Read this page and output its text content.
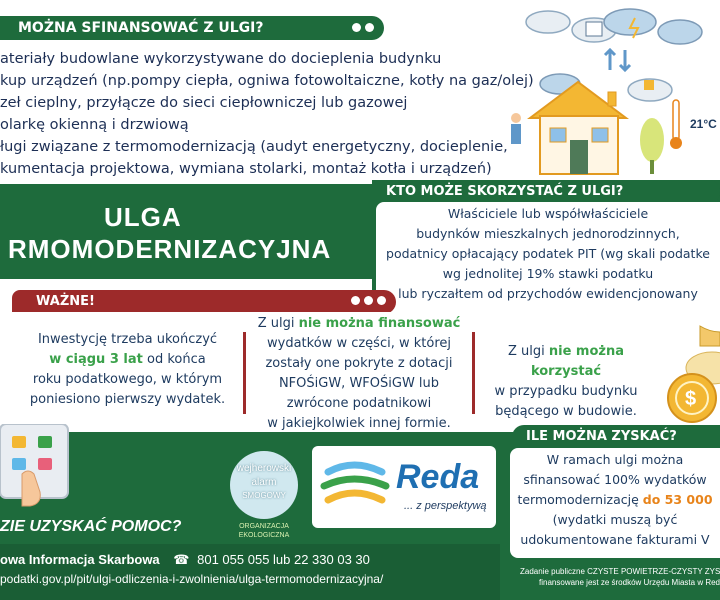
MOŻNA SFINANSOWAĆ Z ULGI?
ateriały budowlane wykorzystywane do docieplenia budynku
kup urządzeń (np.pompy ciepła, ogniwa fotowoltaiczne, kotły na gaz/olej)
zeł cieplny, przyłącze do sieci ciepłowniczej lub gazowej
olarkę okienną i drzwiową
ługi związane z termomodernizacją (audyt energetyczny, docieplenie,
kumentacja projektowa, wymiana stolarki, montaż kotła i urządzeń)
21°C
ULGA
RMOMODERNIZACYJNA
KTO MOŻE SKORZYSTAĆ Z ULGI?
Właściciele lub współwłaściciele
budynków mieszkalnych jednorodzinnych,
podatnicy opłacający podatek PIT (wg skali podatke
wg jednolitej 19% stawki podatku
lub ryczałtem od przychodów ewidencjonowany
WAŻNE!
Inwestycję trzeba ukończyć
w ciągu 3 lat od końca
roku podatkowego, w którym
poniesiono pierwszy wydatek.
Z ulgi nie można finansować
wydatków w części, w której
zostały one pokryte z dotacji
NFOŚiGW, WFOŚiGW lub
zwrócone podatnikowi
w jakiejkolwiek innej formie.
Z ulgi nie można korzystać
w przypadku budynku
będącego w budowie.
$
ZIE UZYSKAĆ POMOC?
owa Informacja Skarbowa ☎ 801 055 055 lub 22 330 03 30
podatki.gov.pl/pit/ulgi-odliczenia-i-zwolnienia/ulga-termomodernizacyjna/
wejherowski
alarm
SMOGOWY
ORGANIZACJA
EKOLOGICZNA
Reda
... z perspektywą
ILE MOŻNA ZYSKAĆ?
W ramach ulgi można
sfinansować 100% wydatków
termomodernizację do 53 000
(wydatki muszą być
udokumentowane fakturami V
Zadanie publiczne CZYSTE POWIETRZE-CZYSTY ZYS
finansowane jest ze środków Urzędu Miasta w Red
